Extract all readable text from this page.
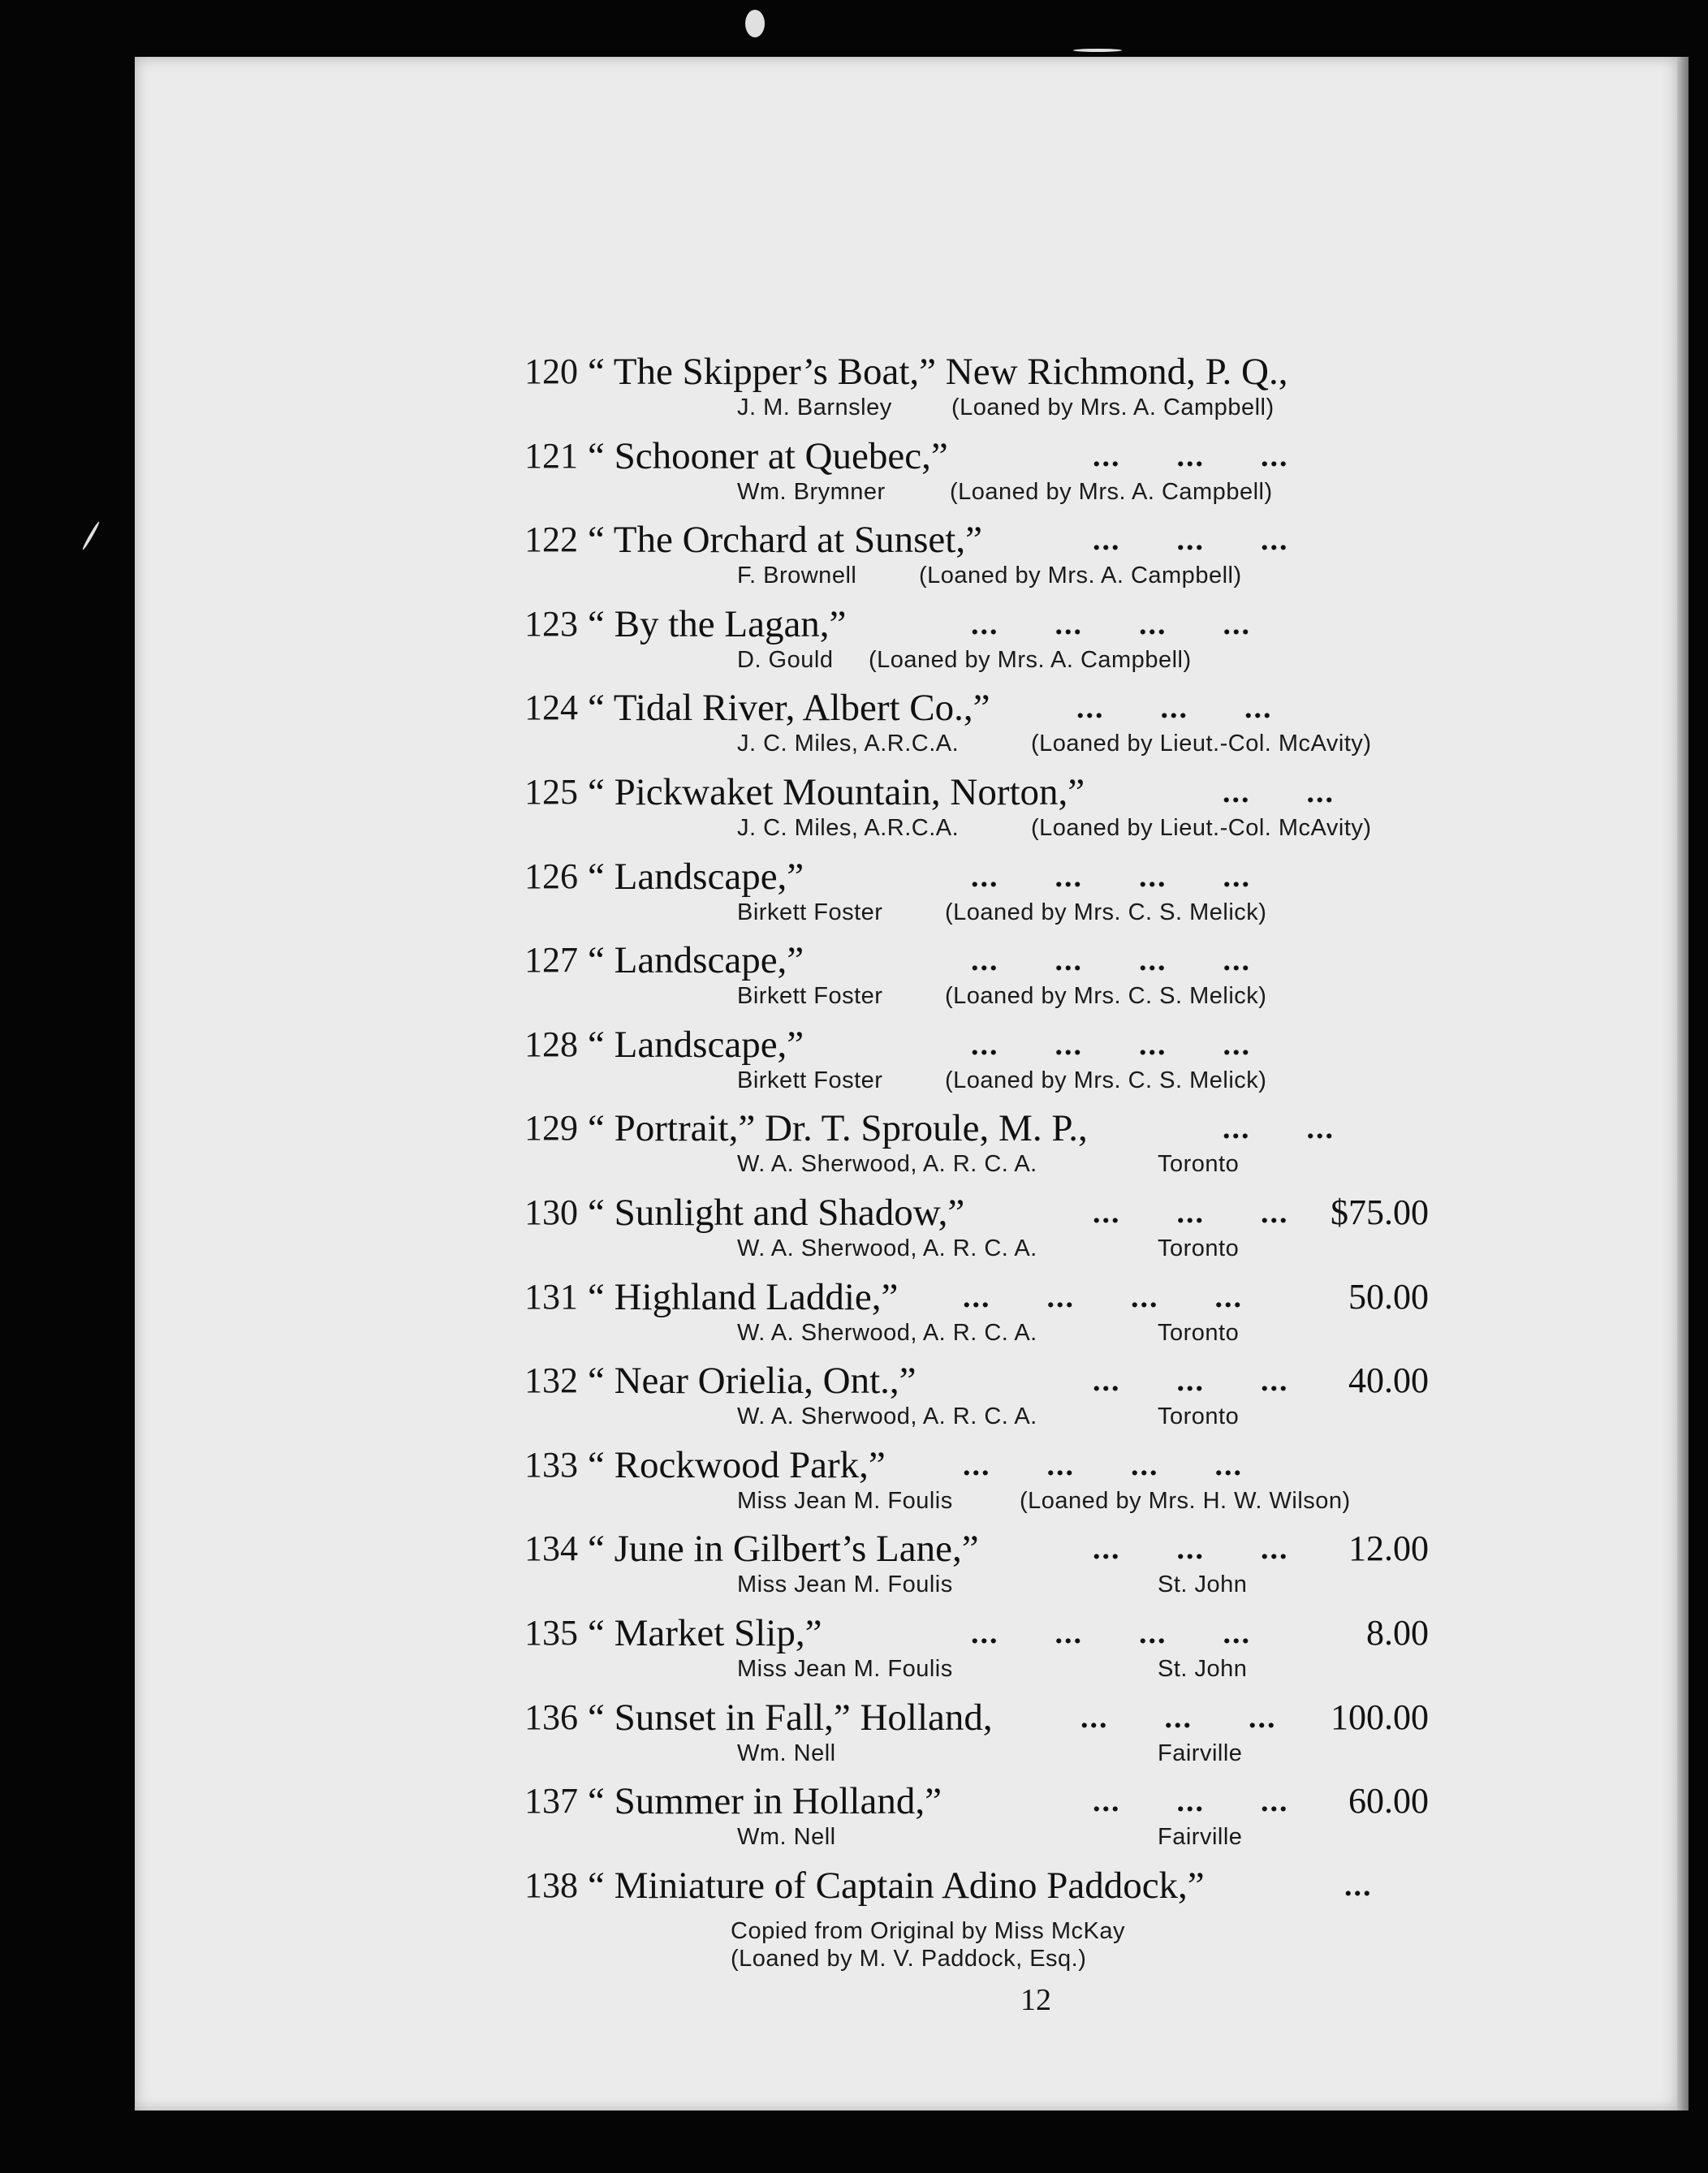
120 “ The Skipper’s Boat,” New Richmond, P. Q.,
J. M. Barnsley	(Loaned by Mrs. A. Campbell)
121 “ Schooner at Quebec,”	...      ...      ...
Wm. Brymner	(Loaned by Mrs. A. Campbell)
122 “ The Orchard at Sunset,”	...      ...      ...
F. Brownell	(Loaned by Mrs. A. Campbell)
123 “ By the Lagan,”	...      ...      ...      ...
D. Gould (Loaned by Mrs. A. Campbell)
124 “ Tidal River, Albert Co.,”	...      ...      ...
J. C. Miles, A.R.C.A.	(Loaned by Lieut.-Col. McAvity)
125 “ Pickwaket Mountain, Norton,”	...      ...
J. C. Miles, A.R.C.A.	(Loaned by Lieut.-Col. McAvity)
126 “ Landscape,”	...      ...      ...      ...
Birkett Foster	(Loaned by Mrs. C. S. Melick)
127 “ Landscape,”	...      ...      ...      ...
Birkett Foster	(Loaned by Mrs. C. S. Melick)
128 “ Landscape,”	...      ...      ...      ...
Birkett Foster	(Loaned by Mrs. C. S. Melick)
129 “ Portrait,” Dr. T. Sproule, M. P.,	...      ...
W. A. Sherwood, A. R. C. A.	Toronto
130 “ Sunlight and Shadow,”	...      ...      ... $75.00
W. A. Sherwood, A. R. C. A.	Toronto
131 “ Highland Laddie,” ...      ...      ...      ...	50.00
W. A. Sherwood, A. R. C. A.	Toronto
132 “ Near Orielia, Ont.,”	...      ...      ... 40.00
W. A. Sherwood, A. R. C. A.	Toronto
133 “ Rockwood Park,”	...      ...      ...      ...
Miss Jean M. Foulis	(Loaned by Mrs. H. W. Wilson)
134 “ June in Gilbert’s Lane,”	...      ...      ... 12.00
Miss Jean M. Foulis	St. John
135 “ Market Slip,”	...      ...      ...      ...	8.00
Miss Jean M. Foulis	St. John
136 “ Sunset in Fall,” Holland,	...      ...      ... 100.00
Wm. Nell	Fairville
137 “ Summer in Holland,”	...      ...      ... 60.00
Wm. Nell	Fairville
138 “ Miniature of Captain Adino Paddock,”	...
Copied from Original by Miss McKay
(Loaned by M. V. Paddock, Esq.)
12
